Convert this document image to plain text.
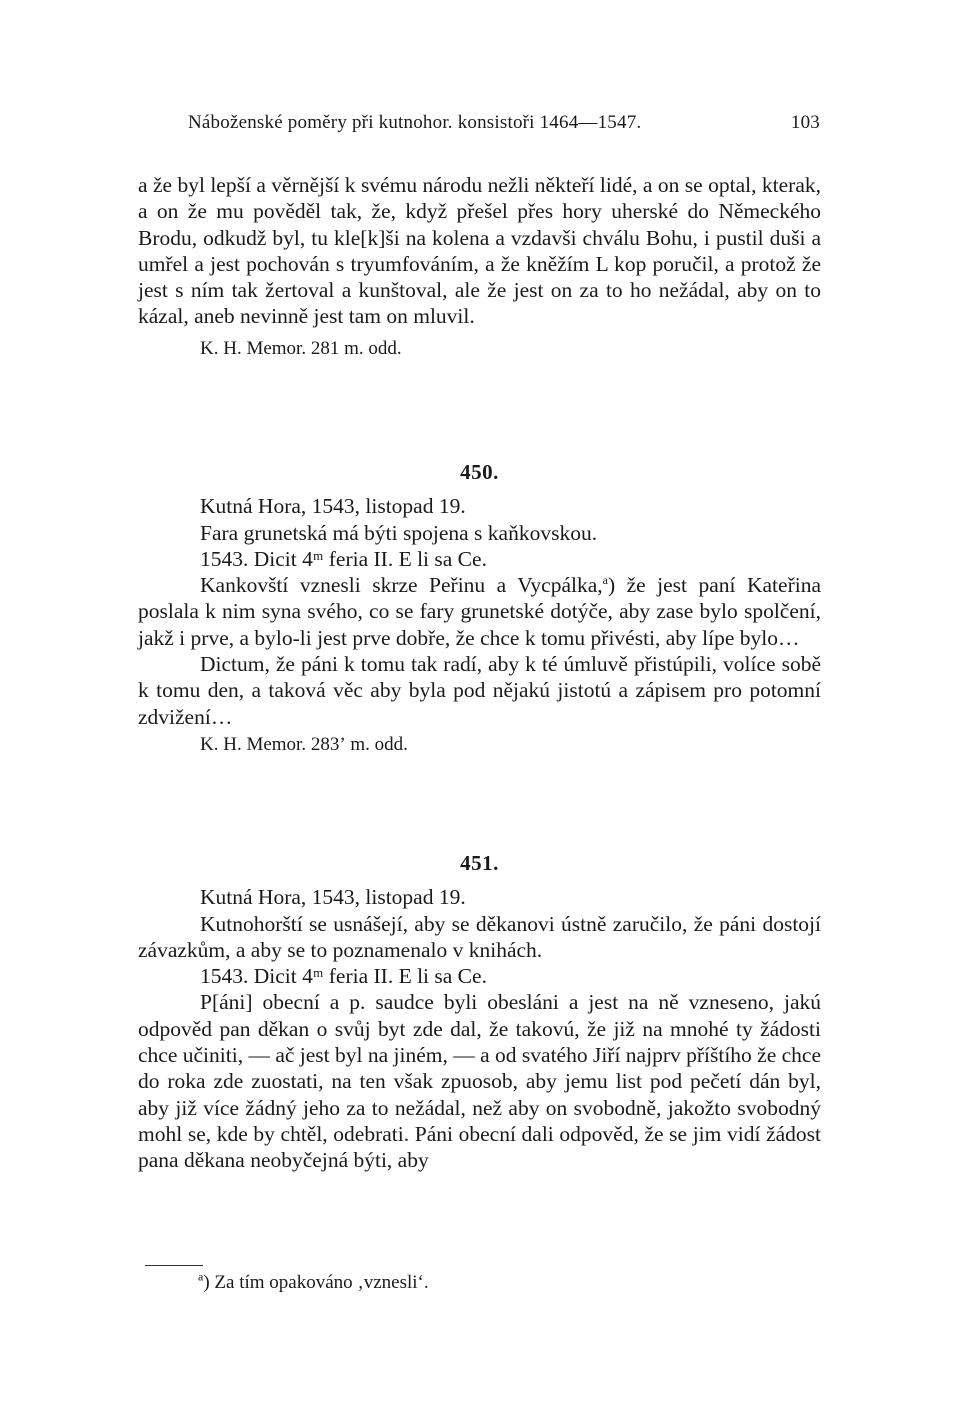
Náboženské poměry při kutnohor. konsistoři 1464—1547.	103

a že byl lepší a věrnější k svému národu nežli někteří lidé, a on se optal, kterak, a on že mu pověděl tak, že, když přešel přes hory uherské do Německého Brodu, odkudž byl, tu kle[k]ši na kolena a vzdavši chválu Bohu, i pustil duši a umřel a jest pochován s tryumfováním, a že kněžím L kop poručil, a protož že jest s ním tak žertoval a kunštoval, ale že jest on za to ho nežádal, aby on to kázal, aneb nevinně jest tam on mluvil.

K. H. Memor. 281 m. odd.

450.

Kutná Hora, 1543, listopad 19.

Fara grunetská má býti spojena s kaňkovskou.

1543. Dicit 4ᵐ feria II. E li sa Ce.

Kankovští vznesli skrze Peřinu a Vycpálka,$^a$) že jest paní Kateřina poslala k nim syna svého, co se fary grunetské dotýče, aby zase bylo spolčení, jakž i prve, a bylo-li jest prve dobře, že chce k tomu přivésti, aby lípe bylo…

Dictum, že páni k tomu tak radí, aby k té úmluvě přistúpili, volíce sobě k tomu den, a taková věc aby byla pod nějakú jistotú a zápisem pro potomní zdvižení…

K. H. Memor. 283ʼ m. odd.

451.

Kutná Hora, 1543, listopad 19.

Kutnohorští se usnášejí, aby se děkanovi ústně zaručilo, že páni dostojí závazkům, a aby se to poznamenalo v knihách.

1543. Dicit 4ᵐ feria II. E li sa Ce.

P[áni] obecní a p. saudce byli obesláni a jest na ně vzneseno, jakú odpověd pan děkan o svůj byt zde dal, že takovú, že již na mnohé ty žádosti chce učiniti, — ač jest byl na jiném, — a od svatého Jiří najprv příštího že chce do roka zde zuostati, na ten však zpuosob, aby jemu list pod pečetí dán byl, aby již více žádný jeho za to nežádal, než aby on svobodně, jakožto svobodný mohl se, kde by chtěl, odebrati. Páni obecní dali odpověd, že se jim vidí žádost pana děkana neobyčejná býti, aby

$^a$) Za tím opakováno ‚vznesli‘.
